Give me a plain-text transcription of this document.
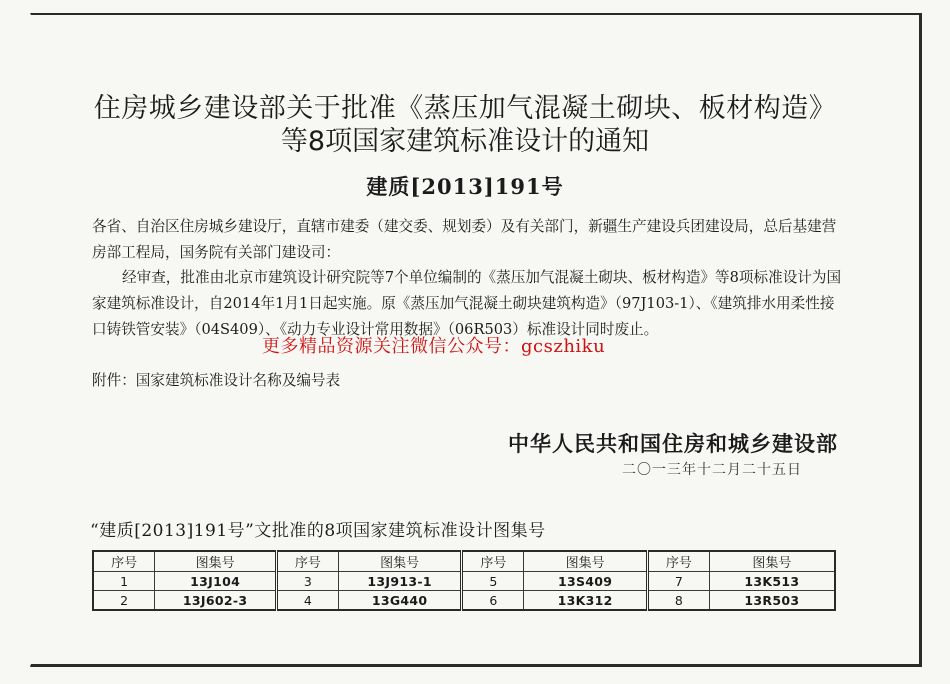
住房城乡建设部关于批准《蒸压加气混凝土砌块、板材构造》
等8项国家建筑标准设计的通知
建质[2013]191号
各省、自治区住房城乡建设厅，直辖市建委（建交委、规划委）及有关部门，新疆生产建设兵团建设局，总后基建营房部工程局，国务院有关部门建设司：
经审查，批准由北京市建筑设计研究院等7个单位编制的《蒸压加气混凝土砌块、板材构造》等8项标准设计为国家建筑标准设计，自2014年1月1日起实施。原《蒸压加气混凝土砌块建筑构造》（97J103-1）、《建筑排水用柔性接口铸铁管安装》（04S409）、《动力专业设计常用数据》（06R503）标准设计同时废止。
附件：国家建筑标准设计名称及编号表
更多精品资源关注微信公众号：gcszhiku
中华人民共和国住房和城乡建设部
二〇一三年十二月二十五日
“建质[2013]191号”文批准的8项国家建筑标准设计图集号
序号	图集号	序号	图集号	序号	图集号	序号	图集号
1	13J104	3	13J913-1	5	13S409	7	13K513
2	13J602-3	4	13G440	6	13K312	8	13R503
